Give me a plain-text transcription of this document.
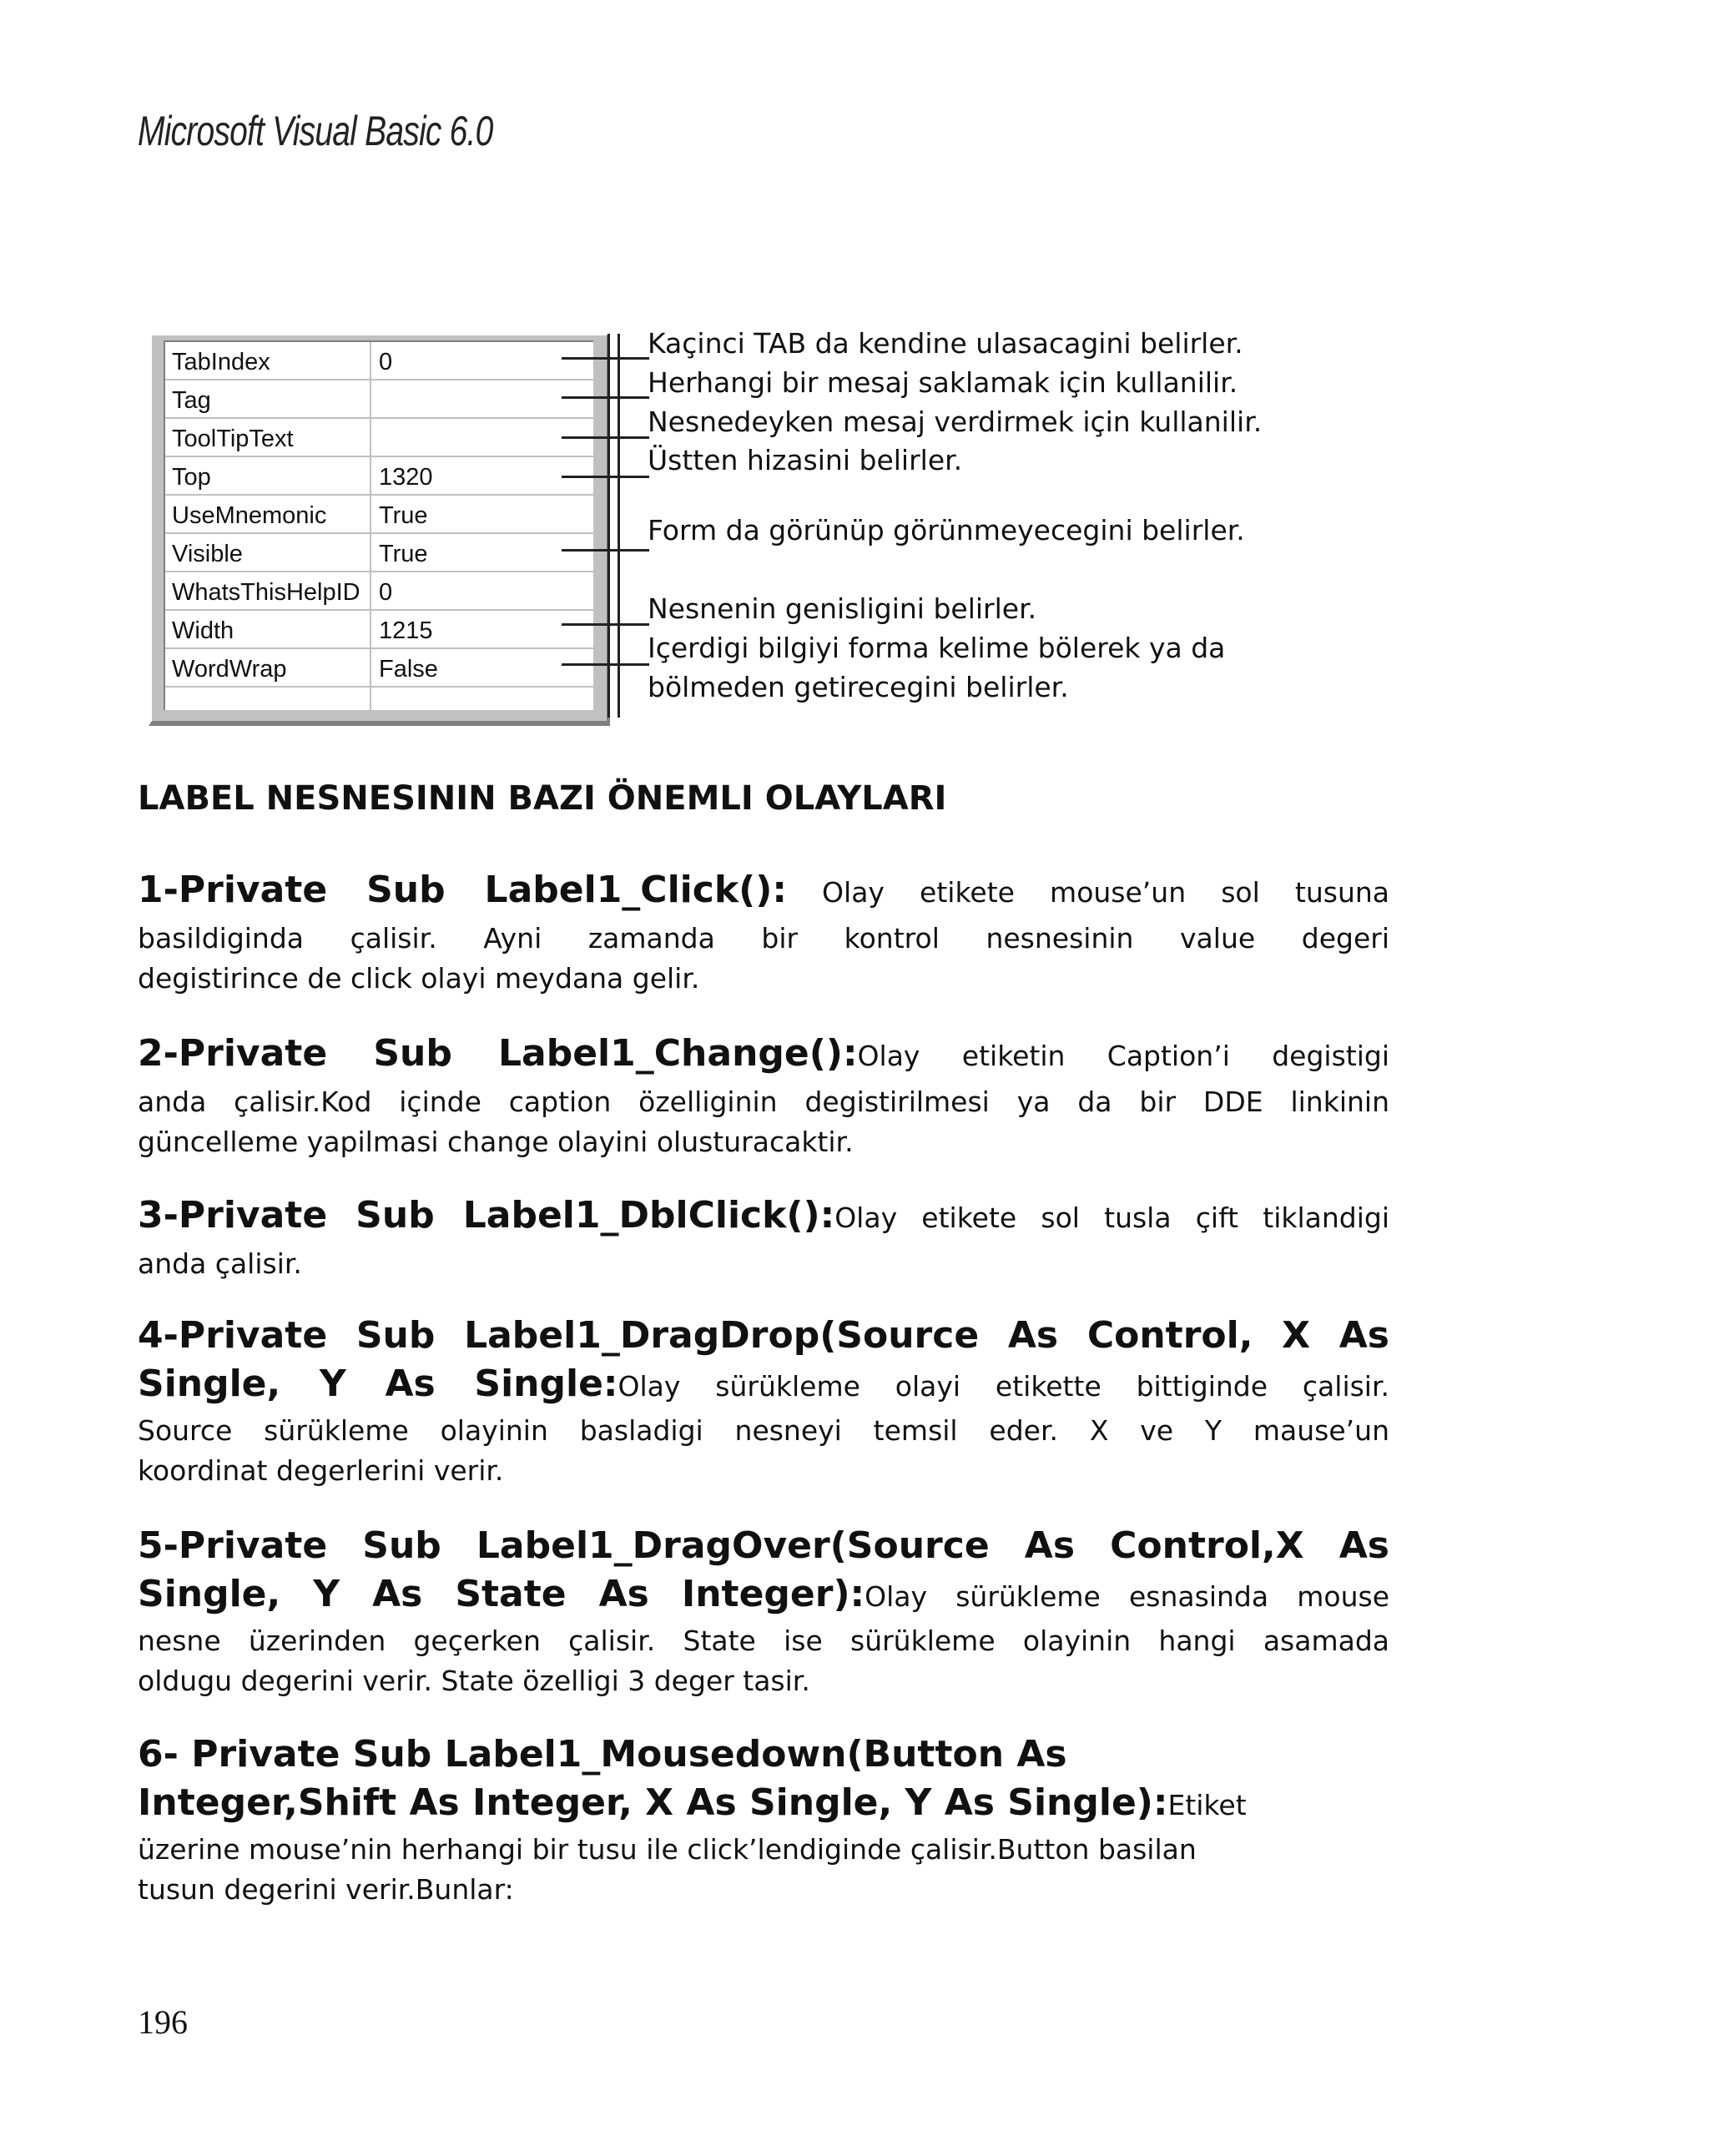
Microsoft Visual Basic 6.0
TabIndex	0
Tag
ToolTipText
Top	1320
UseMnemonic True
Visible	True
WhatsThisHelpID 0
Width	1215
WordWrap	False
Kaçinci TAB da kendine ulasacagini belirler.
Herhangi bir mesaj saklamak için kullanilir.
Nesnedeyken mesaj verdirmek için kullanilir.
Üstten hizasini belirler.
Form da görünüp görünmeyecegini belirler.
Nesnenin genisligini belirler.
Içerdigi bilgiyi forma kelime bölerek ya da
bölmeden getirecegini belirler.
LABEL NESNESININ BAZI ÖNEMLI OLAYLARI
1-Private Sub Label1_Click(): Olay etikete mouse’un sol tusuna
basildiginda çalisir. Ayni zamanda bir kontrol nesnesinin value degeri
degistirince de click olayi meydana gelir.
2-Private Sub Label1_Change():Olay etiketin Caption’i degistigi
anda çalisir.Kod içinde caption özelliginin degistirilmesi ya da bir DDE linkinin
güncelleme yapilmasi change olayini olusturacaktir.
3-Private Sub Label1_DblClick():Olay etikete sol tusla çift tiklandigi
anda çalisir.
4-Private Sub Label1_DragDrop(Source As Control, X As
Single, Y As Single:Olay sürükleme olayi etikette bittiginde çalisir.
Source sürükleme olayinin basladigi nesneyi temsil eder. X ve Y mause’un
koordinat degerlerini verir.
5-Private Sub Label1_DragOver(Source As Control,X As
Single, Y As State As Integer):Olay sürükleme esnasinda mouse
nesne üzerinden geçerken çalisir. State ise sürükleme olayinin hangi asamada
oldugu degerini verir. State özelligi 3 deger tasir.
6- Private Sub Label1_Mousedown(Button As
Integer,Shift As Integer, X As Single, Y As Single):Etiket
üzerine mouse’nin herhangi bir tusu ile click’lendiginde çalisir.Button basilan
tusun degerini verir.Bunlar:
196
